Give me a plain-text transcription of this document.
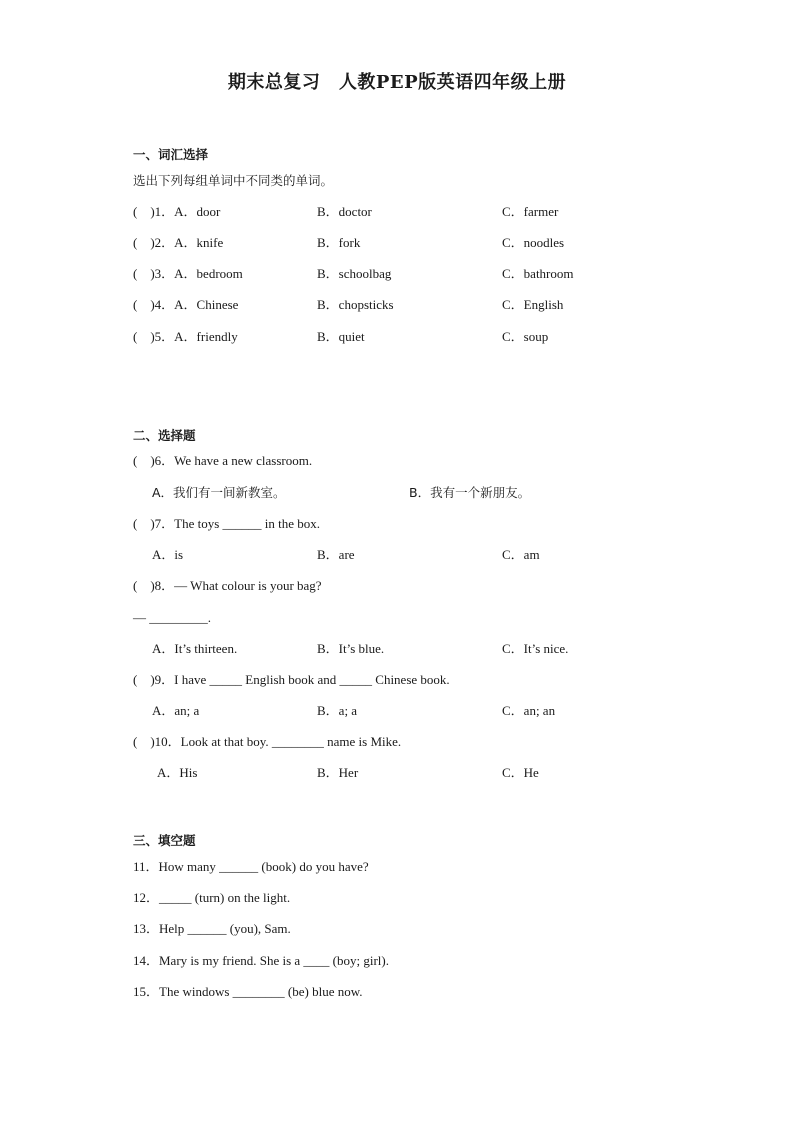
期末总复习　人教PEP版英语四年级上册
一、词汇选择
选出下列每组单词中不同类的单词。
(　)1．A．door	B．doctor	C．farmer
(　)2．A．knife	B．fork	C．noodles
(　)3．A．bedroom	B．schoolbag	C．bathroom
(　)4．A．Chinese	B．chopsticks	C．English
(　)5．A．friendly	B．quiet	C．soup
二、选择题
(　)6．We have a new classroom.
A．我们有一间新教室。	B．我有一个新朋友。
(　)7．The toys ______ in the box.
A．is	B．are	C．am
(　)8．— What colour is your bag?
— _________.
A．It’s thirteen.	B．It’s blue.	C．It’s nice.
(　)9．I have _____ English book and _____ Chinese book.
A．an; a	B．a; a	C．an; an
(　)10．Look at that boy. ________ name is Mike.
A．His	B．Her	C．He
三、填空题
11．How many ______ (book) do you have?
12．_____ (turn) on the light.
13．Help ______ (you), Sam.
14．Mary is my friend. She is a ____ (boy; girl).
15．The windows ________ (be) blue now.
